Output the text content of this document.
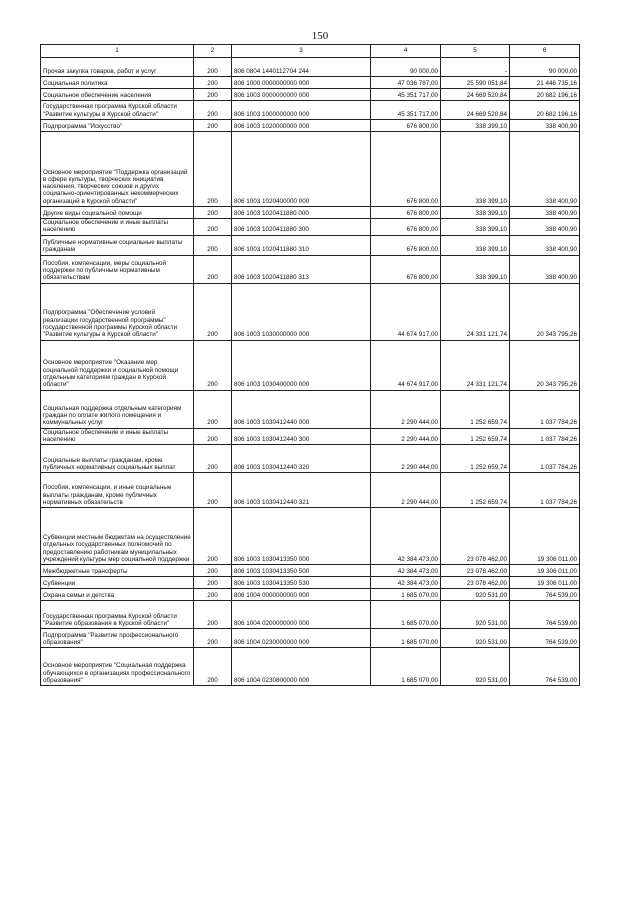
150
1	2	3	4	5	6
Прочая закупка товаров, работ и услуг	200	806 0804 1440112704 244	90 000,00	-	90 000,00
Социальная политика	200	806 1000 0000000000 000	47 036 787,00	25 590 051,84	21 446 735,16
Социальное обеспечение населения	200	806 1003 0000000000 000	45 351 717,00	24 669 520,84	20 682 196,16
Государственная программа Курской области "Развитие культуры в Курской области"	200	806 1003 1000000000 000	45 351 717,00	24 669 520,84	20 682 196,16
Подпрограмма "Искусство"	200	806 1003 1020000000 000	676 800,00	338 399,10	338 400,90
Основное мероприятие "Поддержка организаций в сфере культуры, творческих инициатив населения, творческих союзов и других социально-ориентированных некоммерческих организаций в Курской области"	200	806 1003 1020400000 000	676 800,00	338 399,10	338 400,90
Другие виды социальной помощи	200	806 1003 1020411880 000	676 800,00	338 399,10	338 400,90
Социальное обеспечение и иные выплаты населению	200	806 1003 1020411880 300	676 800,00	338 399,10	338 400,90
Публичные нормативные социальные выплаты гражданам	200	806 1003 1020411880 310	676 800,00	338 399,10	338 400,90
Пособия, компенсации, меры социальной поддержки по публичным нормативным обязательствам	200	806 1003 1020411880 313	676 800,00	338 399,10	338 400,90
Подпрограмма "Обеспечение условий реализации государственной программы" государственной программы Курской области "Развитие культуры в Курской области"	200	806 1003 1030000000 000	44 674 917,00	24 331 121,74	20 343 795,26
Основное мероприятие "Оказание мер социальной поддержки и социальной помощи отдельным категориям граждан в Курской области"	200	806 1003 1030400000 000	44 674 917,00	24 331 121,74	20 343 795,26
Социальная поддержка отдельным категориям граждан по оплате жилого помещения и коммунальных услуг	200	806 1003 1030412440 000	2 290 444,00	1 252 659,74	1 037 784,26
Социальное обеспечение и иные выплаты населению	200	806 1003 1030412440 300	2 290 444,00	1 252 659,74	1 037 784,26
Социальные выплаты гражданам, кроме публичных нормативных социальных выплат	200	806 1003 1030412440 320	2 290 444,00	1 252 659,74	1 037 784,26
Пособия, компенсации, и иные социальные выплаты гражданам, кроме публичных нормативных обязательств	200	806 1003 1030412440 321	2 290 444,00	1 252 659,74	1 037 784,26
Субвенции местным бюджетам на осуществление отдельных государственных полномочий по предоставлению работникам муниципальных учреждений культуры мер социальной поддержки	200	806 1003 1030413350 000	42 384 473,00	23 078 462,00	19 306 011,00
Межбюджетные трансферты	200	806 1003 1030413350 500	42 384 473,00	23 078 462,00	19 306 011,00
Субвенции	200	806 1003 1030413350 530	42 384 473,00	23 078 462,00	19 306 011,00
Охрана семьи и детства	200	806 1004 0000000000 000	1 685 070,00	920 531,00	764 539,00
Государственная программа Курской области "Развитие образования в Курской области"	200	806 1004 0200000000 000	1 685 070,00	920 531,00	764 539,00
Подпрограмма "Развитие профессионального образования"	200	806 1004 0230000000 000	1 685 070,00	920 531,00	764 539,00
Основное мероприятие "Социальная поддержка обучающихся в организациях профессионального образования"	200	806 1004 0230800000 000	1 685 070,00	920 531,00	764 539,00
